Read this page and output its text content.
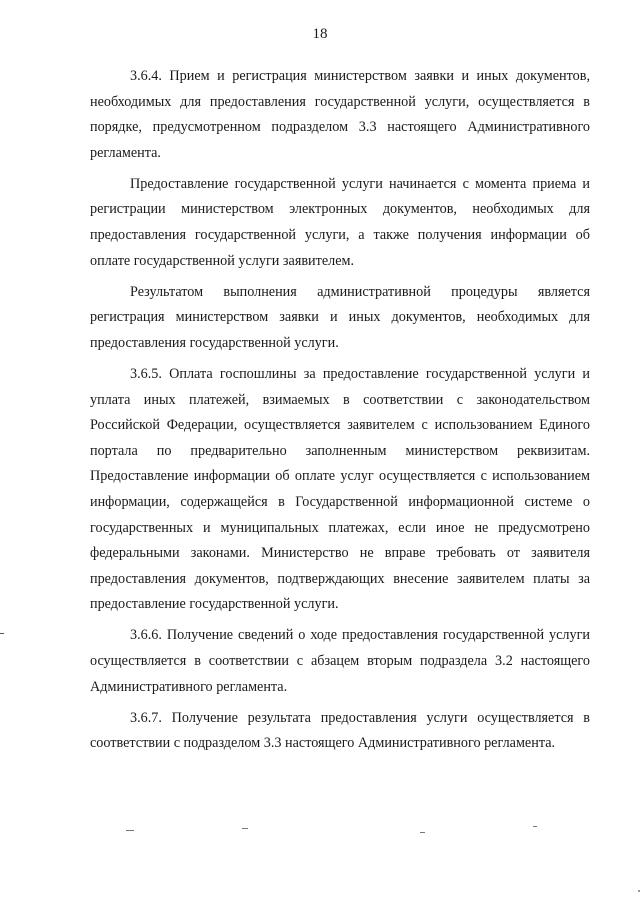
18

3.6.4. Прием и регистрация министерством заявки и иных документов, необходимых для предоставления государственной услуги, осуществляется в порядке, предусмотренном подразделом 3.3 настоящего Административного регламента.

Предоставление государственной услуги начинается с момента приема и регистрации министерством электронных документов, необходимых для предоставления государственной услуги, а также получения информации об оплате государственной услуги заявителем.

Результатом выполнения административной процедуры является регистрация министерством заявки и иных документов, необходимых для предоставления государственной услуги.

3.6.5. Оплата госпошлины за предоставление государственной услуги и уплата иных платежей, взимаемых в соответствии с законодательством Российской Федерации, осуществляется заявителем с использованием Единого портала по предварительно заполненным министерством реквизитам. Предоставление информации об оплате услуг осуществляется с использованием информации, содержащейся в Государственной информационной системе о государственных и муниципальных платежах, если иное не предусмотрено федеральными законами. Министерство не вправе требовать от заявителя предоставления документов, подтверждающих внесение заявителем платы за предоставление государственной услуги.

3.6.6. Получение сведений о ходе предоставления государственной услуги осуществляется в соответствии с абзацем вторым подраздела 3.2 настоящего Административного регламента.

3.6.7. Получение результата предоставления услуги осуществляется в соответствии с подразделом 3.3 настоящего Административного регламента.
